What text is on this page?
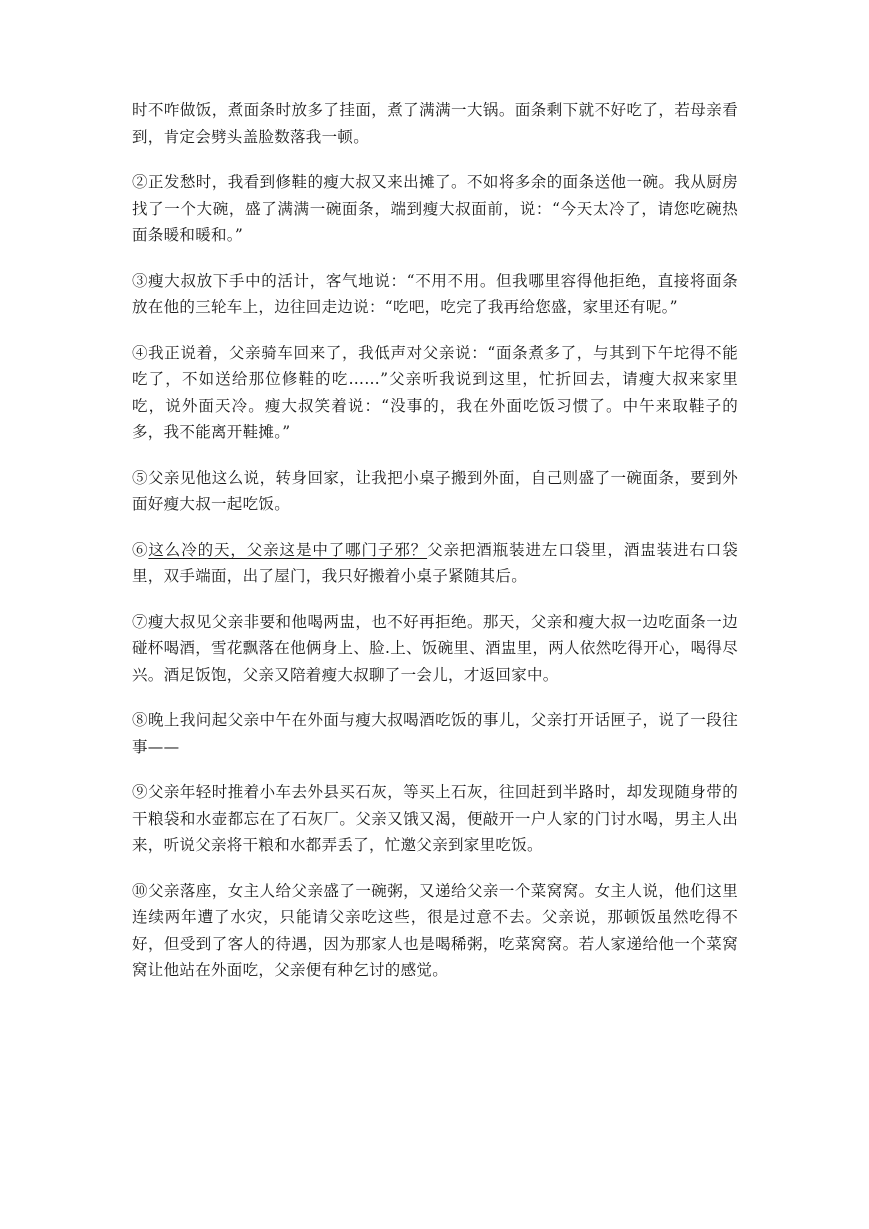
时不咋做饭，煮面条时放多了挂面，煮了满满一大锅。面条剩下就不好吃了，若母亲看到，肯定会劈头盖脸数落我一顿。

②正发愁时，我看到修鞋的瘦大叔又来出摊了。不如将多余的面条送他一碗。我从厨房找了一个大碗，盛了满满一碗面条，端到瘦大叔面前，说：“今天太冷了，请您吃碗热面条暖和暖和。”

③瘦大叔放下手中的活计，客气地说：“不用不用。但我哪里容得他拒绝，直接将面条放在他的三轮车上，边往回走边说：“吃吧，吃完了我再给您盛，家里还有呢。”

④我正说着，父亲骑车回来了，我低声对父亲说：“面条煮多了，与其到下午坨得不能吃了，不如送给那位修鞋的吃……”父亲听我说到这里，忙折回去，请瘦大叔来家里吃，说外面天冷。瘦大叔笑着说：“没事的，我在外面吃饭习惯了。中午来取鞋子的多，我不能离开鞋摊。”

⑤父亲见他这么说，转身回家，让我把小桌子搬到外面，自己则盛了一碗面条，要到外面好瘦大叔一起吃饭。

⑥这么冷的天，父亲这是中了哪门子邪？父亲把酒瓶装进左口袋里，酒盅装进右口袋里，双手端面，出了屋门，我只好搬着小桌子紧随其后。

⑦瘦大叔见父亲非要和他喝两盅，也不好再拒绝。那天，父亲和瘦大叔一边吃面条一边碰杯喝酒，雪花飘落在他俩身上、脸.上、饭碗里、酒盅里，两人依然吃得开心，喝得尽兴。酒足饭饱，父亲又陪着瘦大叔聊了一会儿，才返回家中。

⑧晚上我问起父亲中午在外面与瘦大叔喝酒吃饭的事儿，父亲打开话匣子，说了一段往事——

⑨父亲年轻时推着小车去外县买石灰，等买上石灰，往回赶到半路时，却发现随身带的干粮袋和水壶都忘在了石灰厂。父亲又饿又渴，便敲开一户人家的门讨水喝，男主人出来，听说父亲将干粮和水都弄丢了，忙邀父亲到家里吃饭。

⑩父亲落座，女主人给父亲盛了一碗粥，又递给父亲一个菜窝窝。女主人说，他们这里连续两年遭了水灾，只能请父亲吃这些，很是过意不去。父亲说，那顿饭虽然吃得不好，但受到了客人的待遇，因为那家人也是喝稀粥，吃菜窝窝。若人家递给他一个菜窝窝让他站在外面吃，父亲便有种乞讨的感觉。
